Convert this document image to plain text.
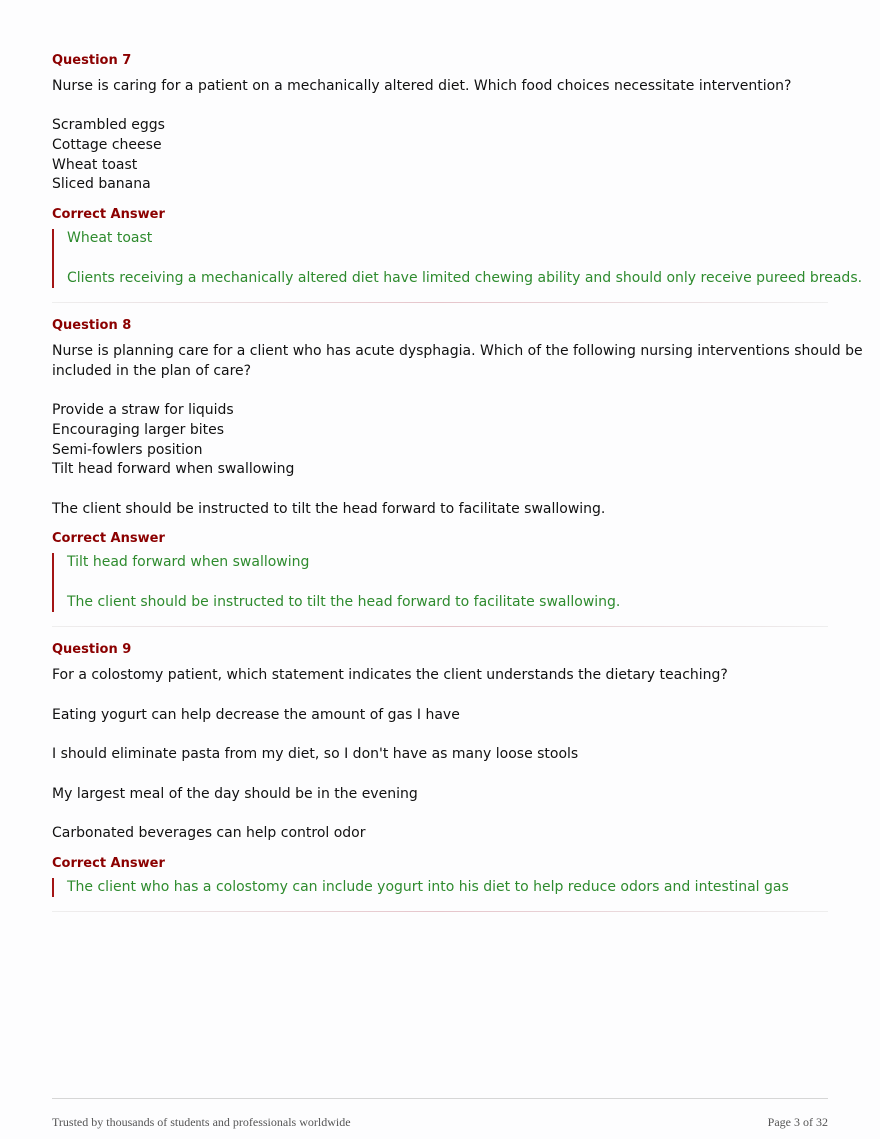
Question 7
Nurse is caring for a patient on a mechanically altered diet. Which food choices necessitate intervention?
Scrambled eggs
Cottage cheese
Wheat toast
Sliced banana
Correct Answer
Wheat toast
Clients receiving a mechanically altered diet have limited chewing ability and should only receive pureed breads.
Question 8
Nurse is planning care for a client who has acute dysphagia. Which of the following nursing interventions should be
included in the plan of care?
Provide a straw for liquids
Encouraging larger bites
Semi-fowlers position
Tilt head forward when swallowing
The client should be instructed to tilt the head forward to facilitate swallowing.
Correct Answer
Tilt head forward when swallowing
The client should be instructed to tilt the head forward to facilitate swallowing.
Question 9
For a colostomy patient, which statement indicates the client understands the dietary teaching?
Eating yogurt can help decrease the amount of gas I have
I should eliminate pasta from my diet, so I don't have as many loose stools
My largest meal of the day should be in the evening
Carbonated beverages can help control odor
Correct Answer
The client who has a colostomy can include yogurt into his diet to help reduce odors and intestinal gas
Trusted by thousands of students and professionals worldwide	Page 3 of 32
